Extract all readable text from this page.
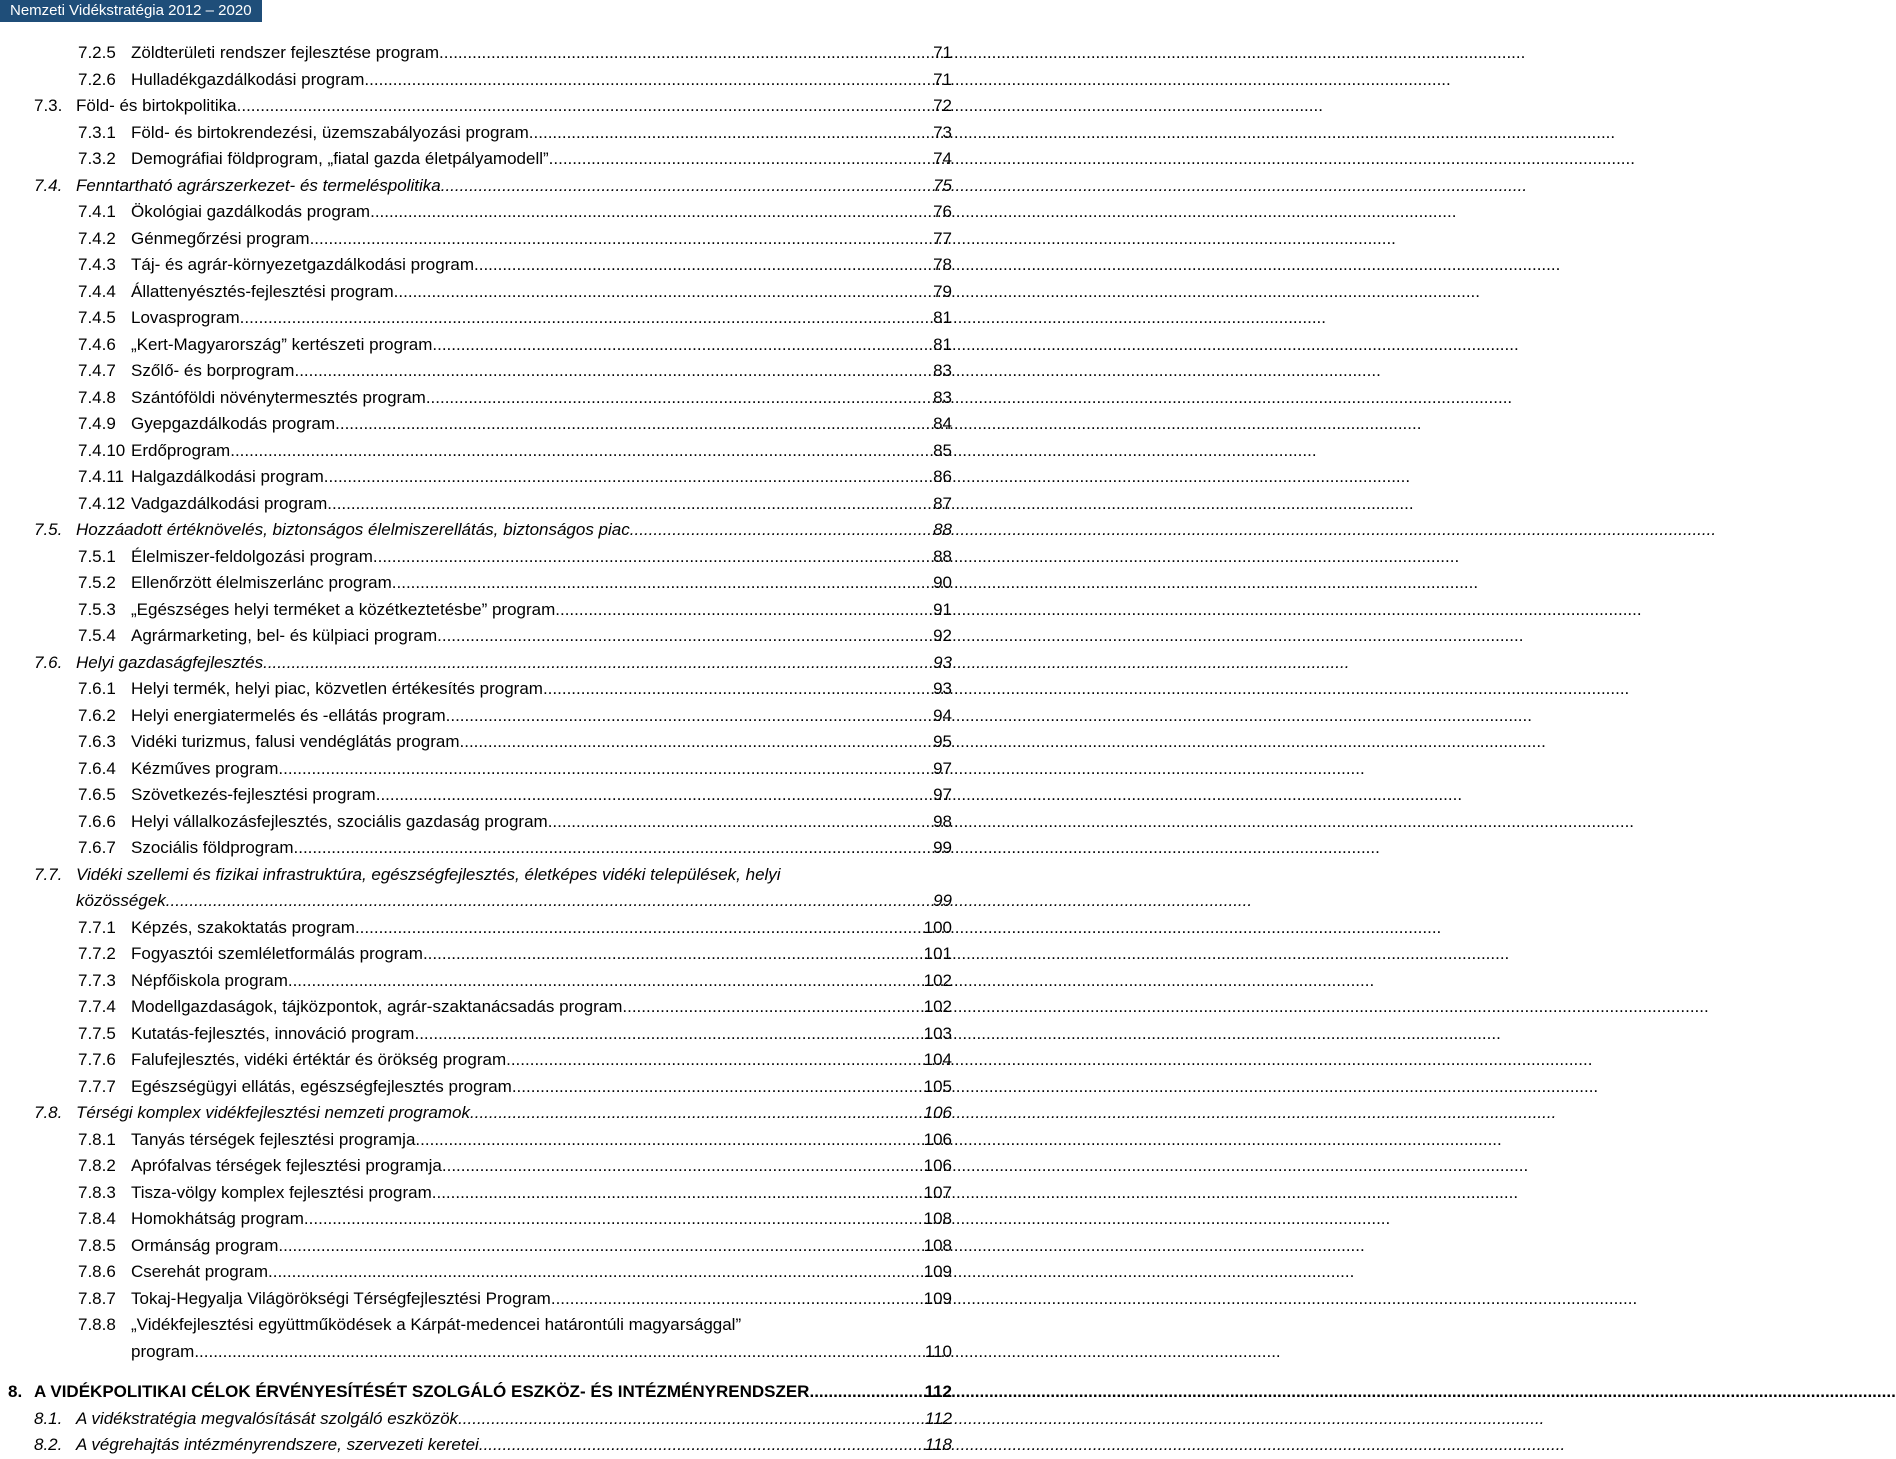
Nemzeti Vidékstratégia 2012 – 2020
7.2.5 Zöldterületi rendszer fejlesztése program .....	71
7.2.6 Hulladékgazdálkodási program .....	71
7.3. Föld- és birtokpolitika .....	72
7.3.1 Föld- és birtokrendezési, üzemszabályozási program .....	73
7.3.2 Demográfiai földprogram, „fiatal gazda életpályamodell” .....	74
7.4. Fenntartható agrárszerkezet- és termeléspolitika .....	75
7.4.1 Ökológiai gazdálkodás program .....	76
7.4.2 Génmegőrzési program .....	77
7.4.3 Táj- és agrár-környezetgazdálkodási program .....	78
7.4.4 Állattenyésztés-fejlesztési program .....	79
7.4.5 Lovasprogram .....	81
7.4.6 „Kert-Magyarország” kertészeti program .....	81
7.4.7 Szőlő- és borprogram .....	83
7.4.8 Szántóföldi növénytermesztés program .....	83
7.4.9 Gyepgazdálkodás program .....	84
7.4.10 Erdőprogram .....	85
7.4.11 Halgazdálkodási program .....	86
7.4.12 Vadgazdálkodási program .....	87
7.5. Hozzáadott értéknövelés, biztonságos élelmiszerellátás, biztonságos piac .....	88
7.5.1 Élelmiszer-feldolgozási program .....	88
7.5.2 Ellenőrzött élelmiszerlánc program .....	90
7.5.3 „Egészséges helyi terméket a közétkeztetésbe” program .....	91
7.5.4 Agrármarketing, bel- és külpiaci program .....	92
7.6. Helyi gazdaságfejlesztés .....	93
7.6.1 Helyi termék, helyi piac, közvetlen értékesítés program .....	93
7.6.2 Helyi energiatermelés és -ellátás program .....	94
7.6.3 Vidéki turizmus, falusi vendéglátás program .....	95
7.6.4 Kézműves program .....	97
7.6.5 Szövetkezés-fejlesztési program .....	97
7.6.6 Helyi vállalkozásfejlesztés, szociális gazdaság program .....	98
7.6.7 Szociális földprogram .....	99
7.7. Vidéki szellemi és fizikai infrastruktúra, egészségfejlesztés, életképes vidéki települések, helyi
közösségek .....	99
7.7.1 Képzés, szakoktatás program .....	100
7.7.2 Fogyasztói szemléletformálás program .....	101
7.7.3 Népfőiskola program .....	102
7.7.4 Modellgazdaságok, tájközpontok, agrár-szaktanácsadás program .....	102
7.7.5 Kutatás-fejlesztés, innováció program .....	103
7.7.6 Falufejlesztés, vidéki értéktár és örökség program .....	104
7.7.7 Egészségügyi ellátás, egészségfejlesztés program .....	105
7.8. Térségi komplex vidékfejlesztési nemzeti programok .....	106
7.8.1 Tanyás térségek fejlesztési programja .....	106
7.8.2 Aprófalvas térségek fejlesztési programja .....	106
7.8.3 Tisza-völgy komplex fejlesztési program .....	107
7.8.4 Homokhátság program .....	108
7.8.5 Ormánság program .....	108
7.8.6 Cserehát program .....	109
7.8.7 Tokaj-Hegyalja Világörökségi Térségfejlesztési Program .....	109
7.8.8 „Vidékfejlesztési együttműködések a Kárpát-medencei határontúli magyarsággal”
program .....	110
8. A VIDÉKPOLITIKAI CÉLOK ÉRVÉNYESÍTÉSÉT SZOLGÁLÓ ESZKÖZ- ÉS INTÉZMÉNYRENDSZER .....	112
8.1. A vidékstratégia megvalósítását szolgáló eszközök .....	112
8.2. A végrehajtás intézményrendszere, szervezeti keretei .....	118
